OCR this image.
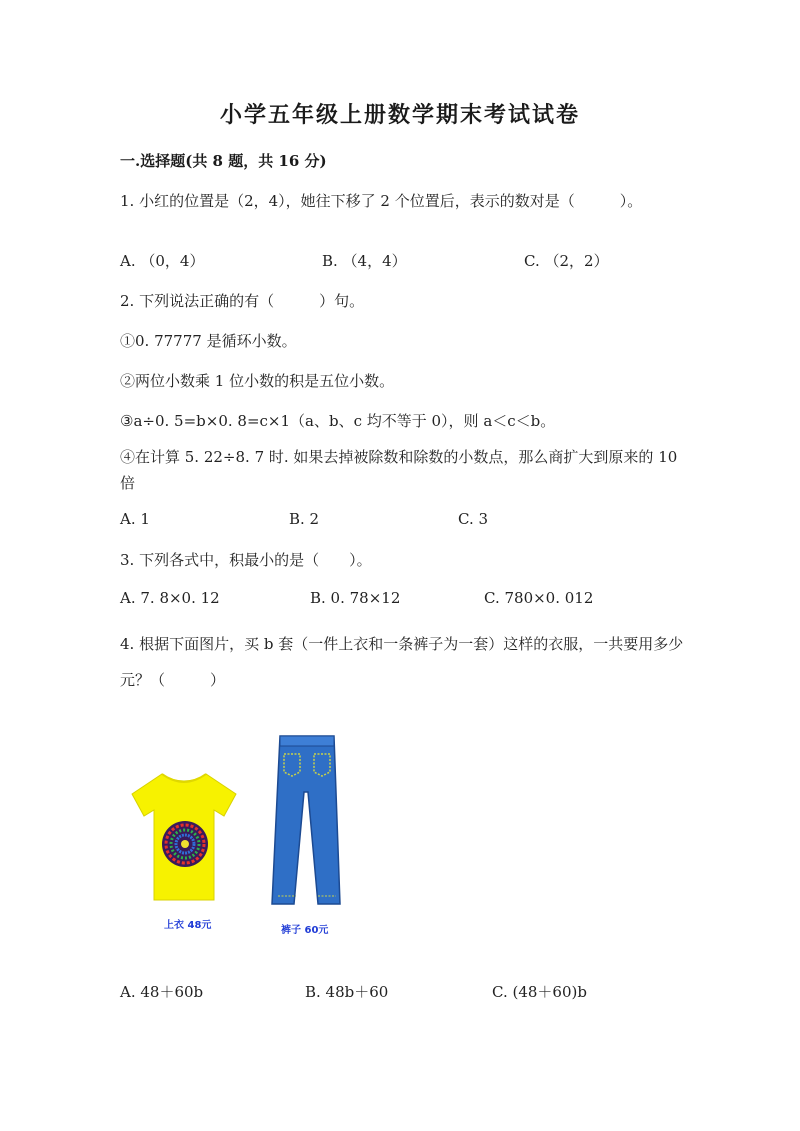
小学五年级上册数学期末考试试卷
一.选择题(共 8 题，共 16 分)
1. 小红的位置是（2，4），她往下移了 2 个位置后，表示的数对是（　　　）。
A. （0，4）	B. （4，4）	C. （2，2）
2. 下列说法正确的有（　　　）句。
①0. 77777 是循环小数。
②两位小数乘 1 位小数的积是五位小数。
③a÷0. 5=b×0. 8=c×1（a、b、c 均不等于 0），则 a＜c＜b。
④在计算 5. 22÷8. 7 时. 如果去掉被除数和除数的小数点，那么商扩大到原来的 10 倍
A. 1	B. 2	C. 3
3. 下列各式中，积最小的是（　　）。
A. 7. 8×0. 12	B. 0. 78×12	C. 780×0. 012
4. 根据下面图片，买 b 套（一件上衣和一条裤子为一套）这样的衣服，一共要用多少元？（　　　）
上衣 48元	裤子 60元
A. 48＋60b	B. 48b＋60	C. (48＋60)b
